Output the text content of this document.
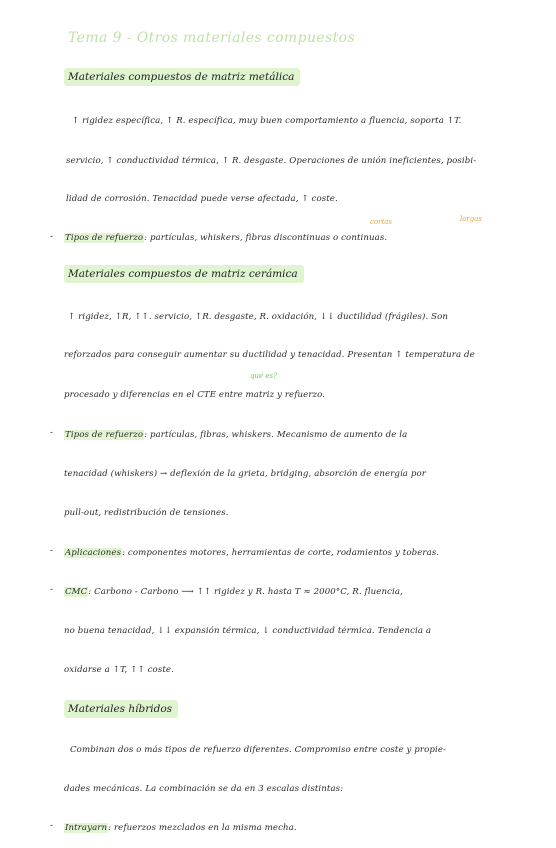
Tema 9 - Otros materiales compuestos
Materiales compuestos de matriz metálica
↑ rigidez específica, ↑ R. específica, muy buen comportamiento a fluencia, soporta ↑T.
servicio, ↑ conductividad térmica, ↑ R. desgaste. Operaciones de unión ineficientes, posibi-
lidad de corrosión. Tenacidad puede verse afectada, ↑ coste.
cortas	largas
- Tipos de refuerzo: partículas, whiskers, fibras discontinuas o continuas.
Materiales compuestos de matriz cerámica
↑ rigidez, ↑R, ↑↑. servicio, ↑R. desgaste, R. oxidación, ↓↓ ductilidad (frágiles). Son
reforzados para conseguir aumentar su ductilidad y tenacidad. Presentan ↑ temperatura de
qué es?
procesado y diferencias en el CTE entre matriz y refuerzo.
- Tipos de refuerzo: partículas, fibras, whiskers. Mecanismo de aumento de la
tenacidad (whiskers) → deflexión de la grieta, bridging, absorción de energía por
pull-out, redistribución de tensiones.
- Aplicaciones: componentes motores, herramientas de corte, rodamientos y toberas.
- CMC: Carbono - Carbono ⟶ ↑↑ rigidez y R. hasta T ≈ 2000°C, R. fluencia,
no buena tenacidad, ↓↓ expansión térmica, ↓ conductividad térmica. Tendencia a
oxidarse a ↑T, ↑↑ coste.
Materiales híbridos
Combinan dos o más tipos de refuerzo diferentes. Compromiso entre coste y propie-
dades mecánicas. La combinación se da en 3 escalas distintas:
- Intrayarn: refuerzos mezclados en la misma mecha.
